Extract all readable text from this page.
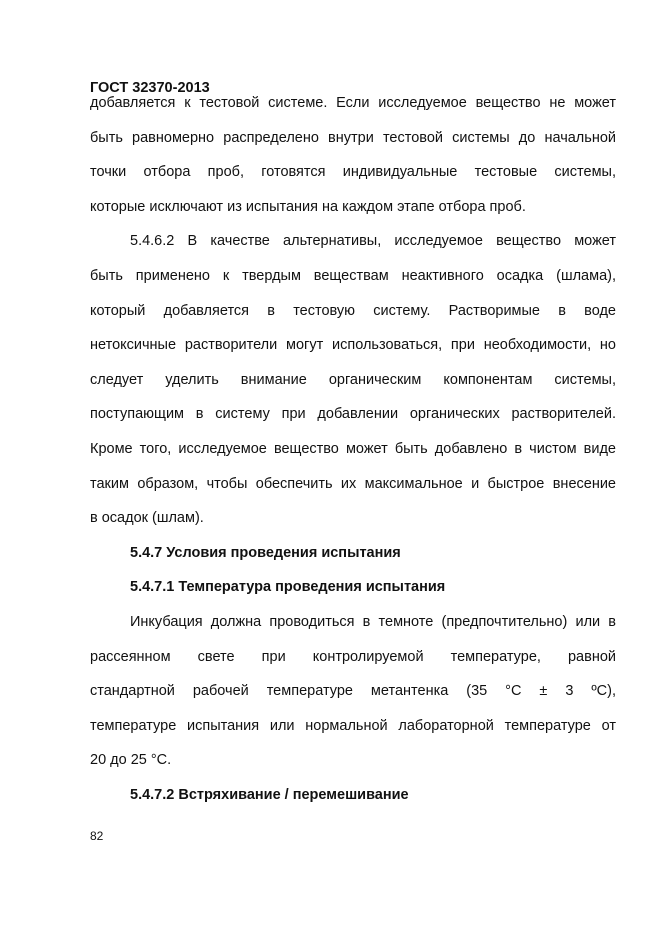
ГОСТ 32370-2013
добавляется к тестовой системе. Если исследуемое вещество не может
быть равномерно распределено внутри тестовой системы до начальной
точки отбора проб, готовятся индивидуальные тестовые системы,
которые исключают из испытания на каждом этапе отбора проб.
5.4.6.2 В качестве альтернативы, исследуемое вещество может
быть применено к твердым веществам неактивного осадка (шлама),
который добавляется в тестовую систему. Растворимые в воде
нетоксичные растворители могут использоваться, при необходимости, но
следует уделить внимание органическим компонентам системы,
поступающим в систему при добавлении органических растворителей.
Кроме того, исследуемое вещество может быть добавлено в чистом виде
таким образом, чтобы обеспечить их максимальное и быстрое внесение
в осадок (шлам).
5.4.7 Условия проведения испытания
5.4.7.1 Температура проведения испытания
Инкубация должна проводиться в темноте (предпочтительно) или в
рассеянном свете при контролируемой температуре, равной
стандартной рабочей температуре метантенка (35 °C ± 3 ºC),
температуре испытания или нормальной лабораторной температуре от
20 до 25 °C.
5.4.7.2 Встряхивание / перемешивание
82
